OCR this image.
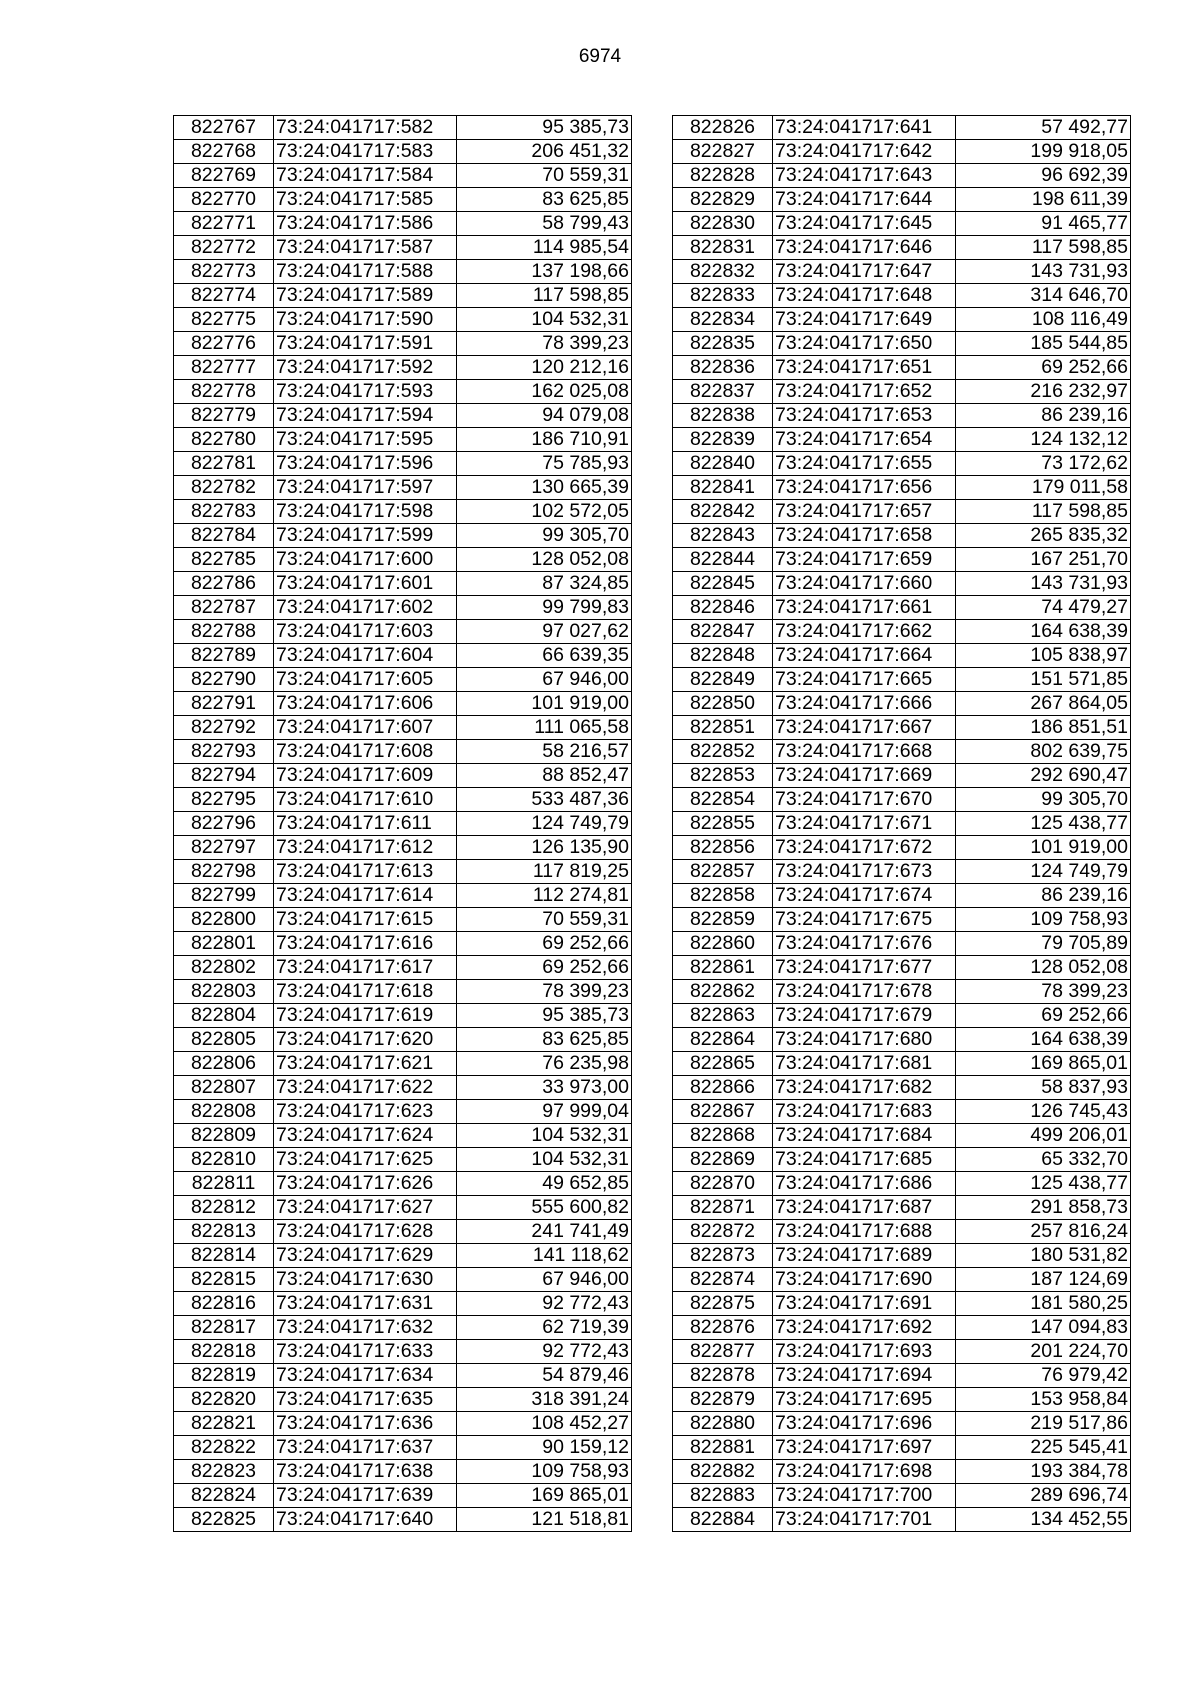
6974
822767	73:24:041717:582	95 385,73
822768	73:24:041717:583	206 451,32
822769	73:24:041717:584	70 559,31
822770	73:24:041717:585	83 625,85
822771	73:24:041717:586	58 799,43
822772	73:24:041717:587	114 985,54
822773	73:24:041717:588	137 198,66
822774	73:24:041717:589	117 598,85
822775	73:24:041717:590	104 532,31
822776	73:24:041717:591	78 399,23
822777	73:24:041717:592	120 212,16
822778	73:24:041717:593	162 025,08
822779	73:24:041717:594	94 079,08
822780	73:24:041717:595	186 710,91
822781	73:24:041717:596	75 785,93
822782	73:24:041717:597	130 665,39
822783	73:24:041717:598	102 572,05
822784	73:24:041717:599	99 305,70
822785	73:24:041717:600	128 052,08
822786	73:24:041717:601	87 324,85
822787	73:24:041717:602	99 799,83
822788	73:24:041717:603	97 027,62
822789	73:24:041717:604	66 639,35
822790	73:24:041717:605	67 946,00
822791	73:24:041717:606	101 919,00
822792	73:24:041717:607	111 065,58
822793	73:24:041717:608	58 216,57
822794	73:24:041717:609	88 852,47
822795	73:24:041717:610	533 487,36
822796	73:24:041717:611	124 749,79
822797	73:24:041717:612	126 135,90
822798	73:24:041717:613	117 819,25
822799	73:24:041717:614	112 274,81
822800	73:24:041717:615	70 559,31
822801	73:24:041717:616	69 252,66
822802	73:24:041717:617	69 252,66
822803	73:24:041717:618	78 399,23
822804	73:24:041717:619	95 385,73
822805	73:24:041717:620	83 625,85
822806	73:24:041717:621	76 235,98
822807	73:24:041717:622	33 973,00
822808	73:24:041717:623	97 999,04
822809	73:24:041717:624	104 532,31
822810	73:24:041717:625	104 532,31
822811	73:24:041717:626	49 652,85
822812	73:24:041717:627	555 600,82
822813	73:24:041717:628	241 741,49
822814	73:24:041717:629	141 118,62
822815	73:24:041717:630	67 946,00
822816	73:24:041717:631	92 772,43
822817	73:24:041717:632	62 719,39
822818	73:24:041717:633	92 772,43
822819	73:24:041717:634	54 879,46
822820	73:24:041717:635	318 391,24
822821	73:24:041717:636	108 452,27
822822	73:24:041717:637	90 159,12
822823	73:24:041717:638	109 758,93
822824	73:24:041717:639	169 865,01
822825	73:24:041717:640	121 518,81
822826	73:24:041717:641	57 492,77
822827	73:24:041717:642	199 918,05
822828	73:24:041717:643	96 692,39
822829	73:24:041717:644	198 611,39
822830	73:24:041717:645	91 465,77
822831	73:24:041717:646	117 598,85
822832	73:24:041717:647	143 731,93
822833	73:24:041717:648	314 646,70
822834	73:24:041717:649	108 116,49
822835	73:24:041717:650	185 544,85
822836	73:24:041717:651	69 252,66
822837	73:24:041717:652	216 232,97
822838	73:24:041717:653	86 239,16
822839	73:24:041717:654	124 132,12
822840	73:24:041717:655	73 172,62
822841	73:24:041717:656	179 011,58
822842	73:24:041717:657	117 598,85
822843	73:24:041717:658	265 835,32
822844	73:24:041717:659	167 251,70
822845	73:24:041717:660	143 731,93
822846	73:24:041717:661	74 479,27
822847	73:24:041717:662	164 638,39
822848	73:24:041717:664	105 838,97
822849	73:24:041717:665	151 571,85
822850	73:24:041717:666	267 864,05
822851	73:24:041717:667	186 851,51
822852	73:24:041717:668	802 639,75
822853	73:24:041717:669	292 690,47
822854	73:24:041717:670	99 305,70
822855	73:24:041717:671	125 438,77
822856	73:24:041717:672	101 919,00
822857	73:24:041717:673	124 749,79
822858	73:24:041717:674	86 239,16
822859	73:24:041717:675	109 758,93
822860	73:24:041717:676	79 705,89
822861	73:24:041717:677	128 052,08
822862	73:24:041717:678	78 399,23
822863	73:24:041717:679	69 252,66
822864	73:24:041717:680	164 638,39
822865	73:24:041717:681	169 865,01
822866	73:24:041717:682	58 837,93
822867	73:24:041717:683	126 745,43
822868	73:24:041717:684	499 206,01
822869	73:24:041717:685	65 332,70
822870	73:24:041717:686	125 438,77
822871	73:24:041717:687	291 858,73
822872	73:24:041717:688	257 816,24
822873	73:24:041717:689	180 531,82
822874	73:24:041717:690	187 124,69
822875	73:24:041717:691	181 580,25
822876	73:24:041717:692	147 094,83
822877	73:24:041717:693	201 224,70
822878	73:24:041717:694	76 979,42
822879	73:24:041717:695	153 958,84
822880	73:24:041717:696	219 517,86
822881	73:24:041717:697	225 545,41
822882	73:24:041717:698	193 384,78
822883	73:24:041717:700	289 696,74
822884	73:24:041717:701	134 452,55
